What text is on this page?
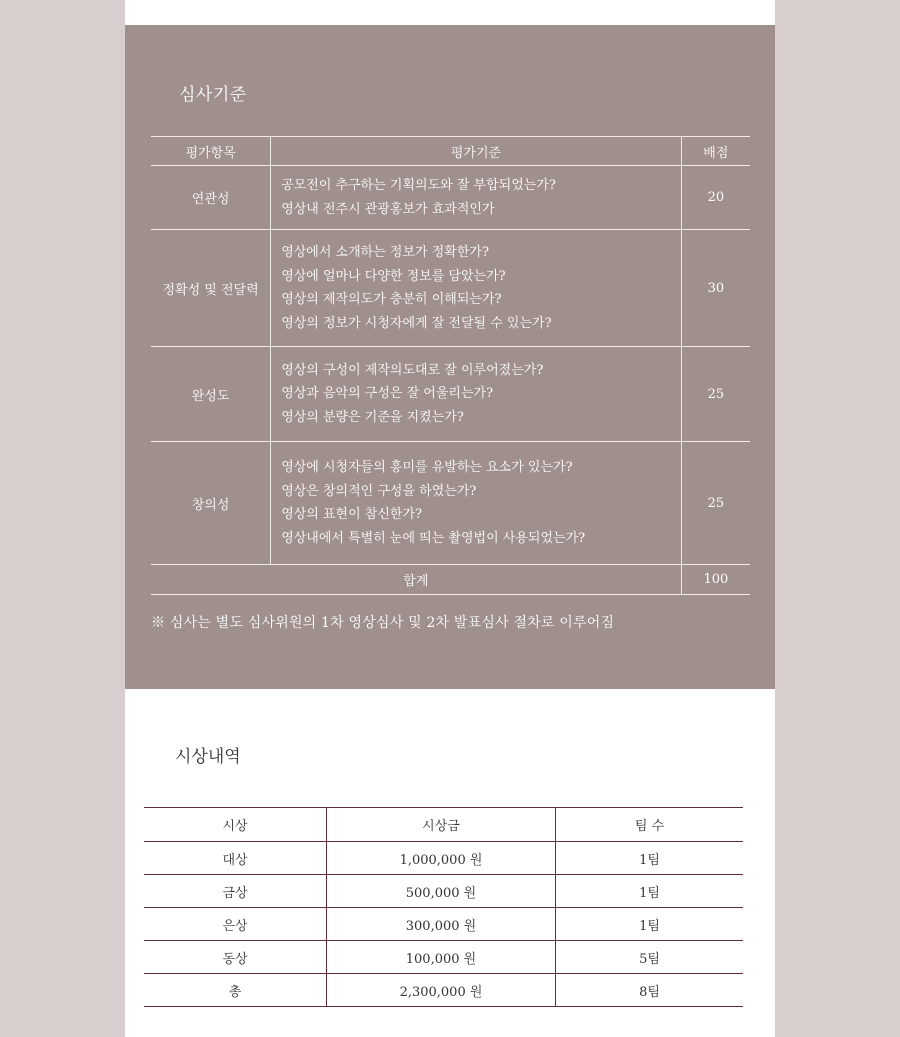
심사기준
평가항목	평가기준	배점
연관성	공모전이 추구하는 기획의도와 잘 부합되었는가?
영상내 전주시 관광홍보가 효과적인가	20
정확성 및 전달력	영상에서 소개하는 정보가 정확한가?
영상에 얼마나 다양한 정보를 담았는가?
영상의 제작의도가 충분히 이해되는가?
영상의 정보가 시청자에게 잘 전달될 수 있는가?	30
완성도	영상의 구성이 제작의도대로 잘 이루어졌는가?
영상과 음악의 구성은 잘 어울리는가?
영상의 분량은 기준을 지켰는가?	25
창의성	영상에 시청자들의 흥미를 유발하는 요소가 있는가?
영상은 창의적인 구성을 하였는가?
영상의 표현이 참신한가?
영상내에서 특별히 눈에 띄는 촬영법이 사용되었는가?	25
합계		100
※ 심사는 별도 심사위원의 1차 영상심사 및 2차 발표심사 절차로 이루어짐
시상내역
시상	시상금	팀 수
대상	1,000,000 원	1팀
금상	500,000 원	1팀
은상	300,000 원	1팀
동상	100,000 원	5팀
총	2,300,000 원	8팀
